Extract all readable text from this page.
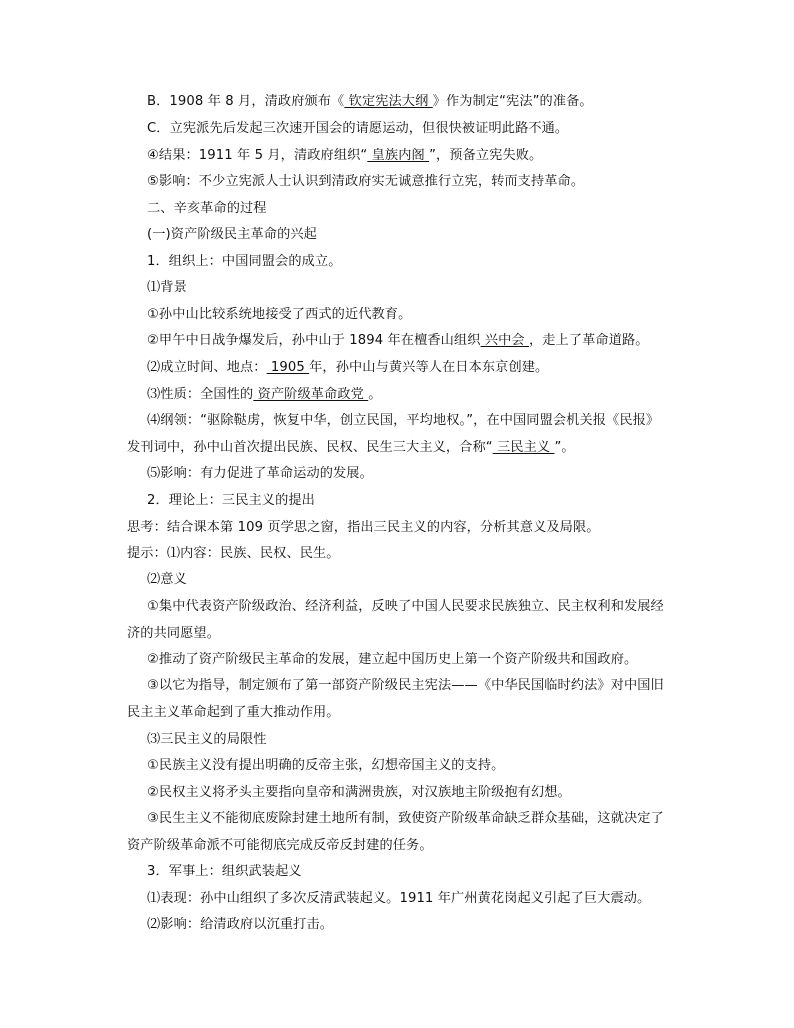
B．1908 年 8 月，清政府颁布《 钦定宪法大纲 》作为制定“宪法”的准备。
C．立宪派先后发起三次速开国会的请愿运动，但很快被证明此路不通。
④结果：1911 年 5 月，清政府组织“ 皇族内阁 ”，预备立宪失败。
⑤影响：不少立宪派人士认识到清政府实无诚意推行立宪，转而支持革命。
二、辛亥革命的过程
(一)资产阶级民主革命的兴起
1．组织上：中国同盟会的成立。
⑴背景
①孙中山比较系统地接受了西式的近代教育。
②甲午中日战争爆发后，孙中山于 1894 年在檀香山组织 兴中会 ，走上了革命道路。
⑵成立时间、地点： 1905 年，孙中山与黄兴等人在日本东京创建。
⑶性质：全国性的 资产阶级革命政党 。
⑷纲领：“驱除鞑虏，恢复中华，创立民国，平均地权。”，在中国同盟会机关报《民报》
发刊词中，孙中山首次提出民族、民权、民生三大主义，合称“ 三民主义 ”。
⑸影响：有力促进了革命运动的发展。
2．理论上：三民主义的提出
思考：结合课本第 109 页学思之窗，指出三民主义的内容，分析其意义及局限。
提示：⑴内容：民族、民权、民生。
⑵意义
①集中代表资产阶级政治、经济利益，反映了中国人民要求民族独立、民主权利和发展经
济的共同愿望。
②推动了资产阶级民主革命的发展，建立起中国历史上第一个资产阶级共和国政府。
③以它为指导，制定颁布了第一部资产阶级民主宪法——《中华民国临时约法》对中国旧
民主主义革命起到了重大推动作用。
⑶三民主义的局限性
①民族主义没有提出明确的反帝主张，幻想帝国主义的支持。
②民权主义将矛头主要指向皇帝和满洲贵族，对汉族地主阶级抱有幻想。
③民生主义不能彻底废除封建土地所有制，致使资产阶级革命缺乏群众基础，这就决定了
资产阶级革命派不可能彻底完成反帝反封建的任务。
3．军事上：组织武装起义
⑴表现：孙中山组织了多次反清武装起义。1911 年广州黄花岗起义引起了巨大震动。
⑵影响：给清政府以沉重打击。
